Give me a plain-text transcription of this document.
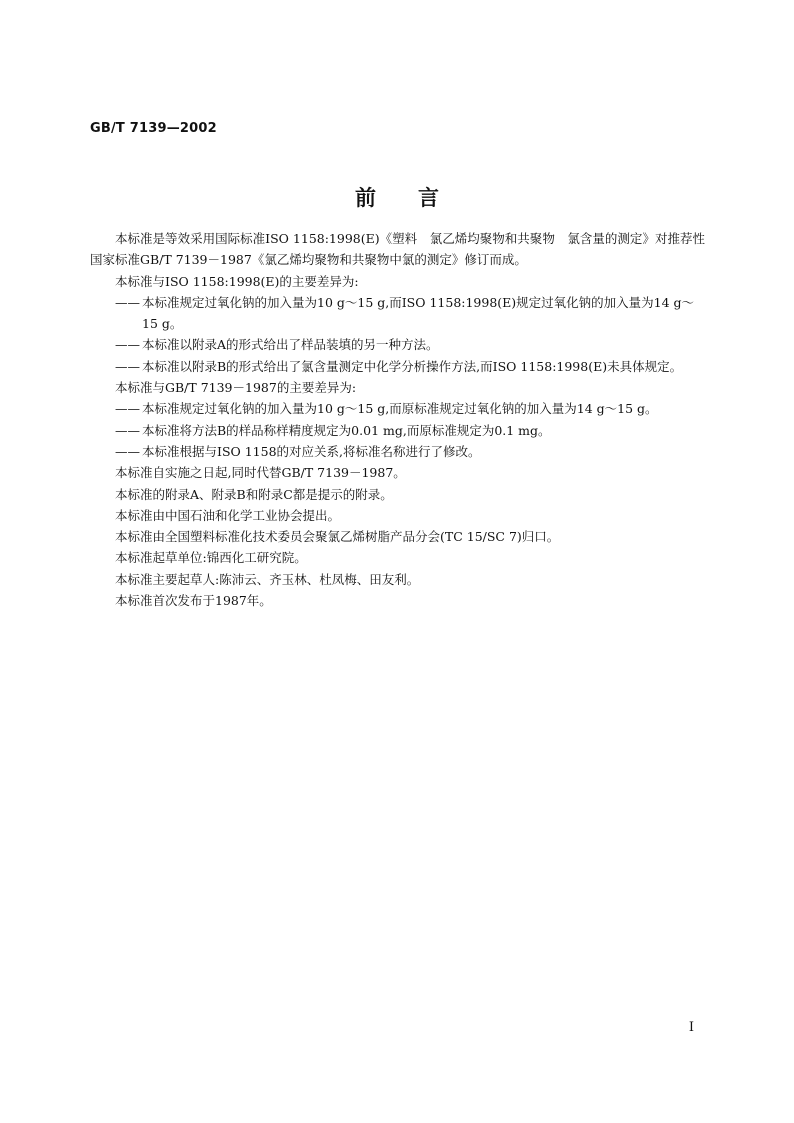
GB/T 7139—2002
前　　言

本标准是等效采用国际标准ISO 1158:1998(E)《塑料　氯乙烯均聚物和共聚物　氯含量的测定》对推荐性国家标准GB/T 7139－1987《氯乙烯均聚物和共聚物中氯的测定》修订而成。

本标准与ISO 1158:1998(E)的主要差异为:

—— 本标准规定过氧化钠的加入量为10 g～15 g,而ISO 1158:1998(E)规定过氧化钠的加入量为14 g～15 g。
—— 本标准以附录A的形式给出了样品装填的另一种方法。
—— 本标准以附录B的形式给出了氯含量测定中化学分析操作方法,而ISO 1158:1998(E)未具体规定。

本标准与GB/T 7139－1987的主要差异为:

—— 本标准规定过氧化钠的加入量为10 g～15 g,而原标准规定过氧化钠的加入量为14 g～15 g。
—— 本标准将方法B的样品称样精度规定为0.01 mg,而原标准规定为0.1 mg。
—— 本标准根据与ISO 1158的对应关系,将标准名称进行了修改。

本标准自实施之日起,同时代替GB/T 7139－1987。

本标准的附录A、附录B和附录C都是提示的附录。

本标准由中国石油和化学工业协会提出。

本标准由全国塑料标准化技术委员会聚氯乙烯树脂产品分会(TC 15/SC 7)归口。

本标准起草单位:锦西化工研究院。

本标准主要起草人:陈沛云、齐玉林、杜凤梅、田友利。

本标准首次发布于1987年。

I
